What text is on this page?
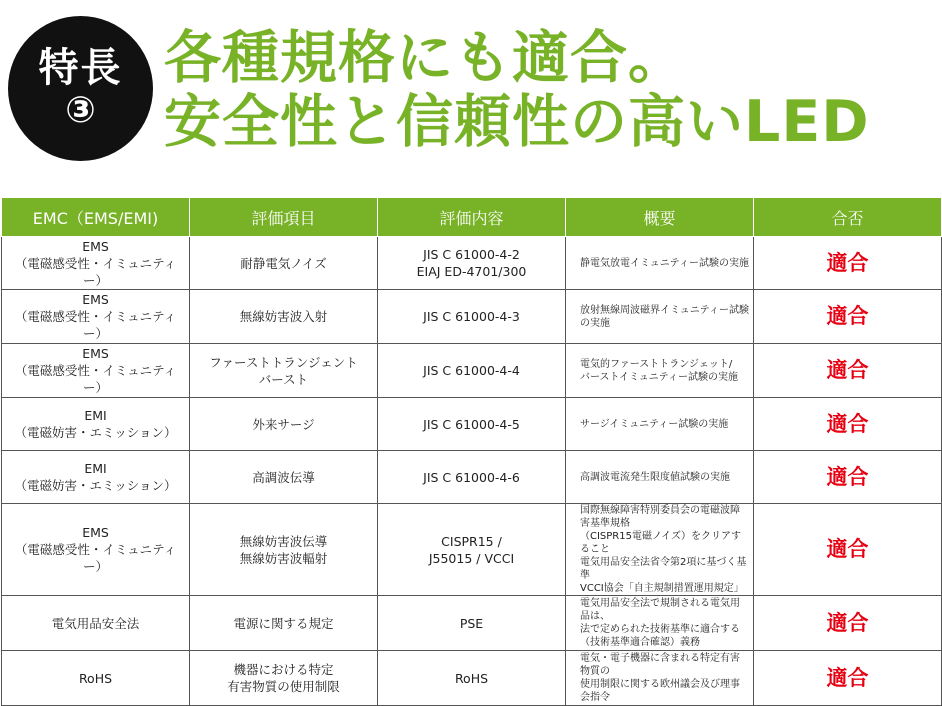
特長
③
各種規格にも適合。
安全性と信頼性の高いLED
EMC（EMS/EMI)	評価項目	評価内容	概要	合否

EMS
（電磁感受性・イミュニティー）	耐静電気ノイズ	JIS C 61000-4-2
EIAJ ED-4701/300	静電気放電イミュニティー試験の実施	適合

EMS
（電磁感受性・イミュニティー）	無線妨害波入射	JIS C 61000-4-3	放射無線周波磁界イミュニティー試験の実施	適合

EMS
（電磁感受性・イミュニティー）	ファーストトランジェント
バースト	JIS C 61000-4-4	電気的ファーストトランジェット/
バーストイミュニティー試験の実施	適合

EMI
（電磁妨害・エミッション）	外来サージ	JIS C 61000-4-5	サージイミュニティー試験の実施	適合

EMI
（電磁妨害・エミッション）	高調波伝導	JIS C 61000-4-6	高調波電流発生限度値試験の実施	適合

EMS
（電磁感受性・イミュニティー）	無線妨害波伝導
無線妨害波輻射	CISPR15 /
J55015 / VCCI	国際無線障害特別委員会の電磁波障害基準規格
（CISPR15電磁ノイズ）をクリアすること
電気用品安全法省令第2項に基づく基準
VCCI協会「自主規制措置運用規定」	適合

電気用品安全法	電源に関する規定	PSE	電気用品安全法で規制される電気用品は、
法で定められた技術基準に適合する
（技術基準適合確認）義務	適合

RoHS	機器における特定
有害物質の使用制限	RoHS	電気・電子機器に含まれる特定有害物質の
使用制限に関する欧州議会及び理事会指令	適合
